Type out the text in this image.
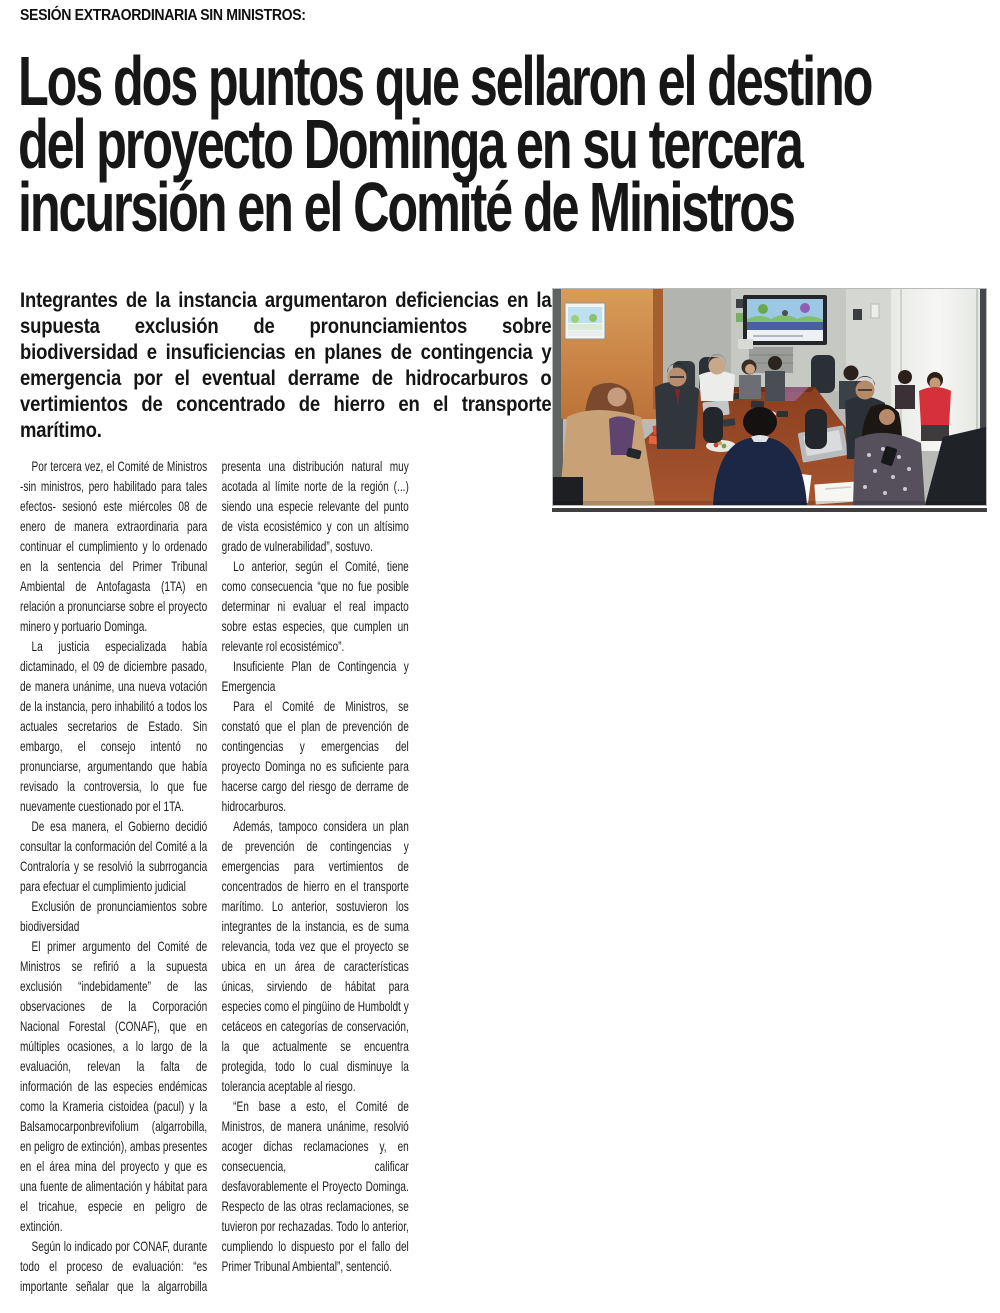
SESIÓN EXTRAORDINARIA SIN MINISTROS:
Los dos puntos que sellaron el destino
del proyecto Dominga en su tercera
incursión en el Comité de Ministros
Integrantes de la instancia argumentaron deficiencias en la supuesta exclusión de pronunciamientos sobre biodiversidad e insuficiencias en planes de contingencia y emergencia por el eventual derrame de hidrocarburos o vertimientos de concentrado de hierro en el transporte marítimo.

Por tercera vez, el Comité de Ministros -sin ministros, pero habilitado para tales efectos- sesionó este miércoles 08 de enero de manera extraordinaria para continuar el cumplimiento y lo ordenado en la sentencia del Primer Tribunal Ambiental de Antofagasta (1TA) en relación a pronunciarse sobre el proyecto minero y portuario Dominga.

La justicia especializada había dictaminado, el 09 de diciembre pasado, de manera unánime, una nueva votación de la instancia, pero inhabilitó a todos los actuales secretarios de Estado. Sin embargo, el consejo intentó no pronunciarse, argumentando que había revisado la controversia, lo que fue nuevamente cuestionado por el 1TA.

De esa manera, el Gobierno decidió consultar la conformación del Comité a la Contraloría y se resolvió la subrrogancia para efectuar el cumplimiento judicial

Exclusión de pronunciamientos sobre biodiversidad

El primer argumento del Comité de Ministros se refirió a la supuesta exclusión “indebidamente” de las observaciones de la Corporación Nacional Forestal (CONAF), que en múltiples ocasiones, a lo largo de la evaluación, relevan la falta de información de las especies endémicas como la Krameria cistoidea (pacul) y la Balsamocarponbrevifolium (algarrobilla, en peligro de extinción), ambas presentes en el área mina del proyecto y que es una fuente de alimentación y hábitat para el tricahue, especie en peligro de extinción.

Según lo indicado por CONAF, durante todo el proceso de evaluación: “es importante señalar que la algarrobilla presenta una distribución natural muy acotada al límite norte de la región (...) siendo una especie relevante del punto de vista ecosistémico y con un altísimo grado de vulnerabilidad”, sostuvo.

Lo anterior, según el Comité, tiene como consecuencia “que no fue posible determinar ni evaluar el real impacto sobre estas especies, que cumplen un relevante rol ecosistémico”.

Insuficiente Plan de Contingencia y Emergencia

Para el Comité de Ministros, se constató que el plan de prevención de contingencias y emergencias del proyecto Dominga no es suficiente para hacerse cargo del riesgo de derrame de hidrocarburos.

Además, tampoco considera un plan de prevención de contingencias y emergencias para vertimientos de concentrados de hierro en el transporte marítimo. Lo anterior, sostuvieron los integrantes de la instancia, es de suma relevancia, toda vez que el proyecto se ubica en un área de características únicas, sirviendo de hábitat para especies como el pingüino de Humboldt y cetáceos en categorías de conservación, la que actualmente se encuentra protegida, todo lo cual disminuye la tolerancia aceptable al riesgo.

“En base a esto, el Comité de Ministros, de manera unánime, resolvió acoger dichas reclamaciones y, en consecuencia, calificar desfavorablemente el Proyecto Dominga. Respecto de las otras reclamaciones, se tuvieron por rechazadas. Todo lo anterior, cumpliendo lo dispuesto por el fallo del Primer Tribunal Ambiental”, sentenció.
